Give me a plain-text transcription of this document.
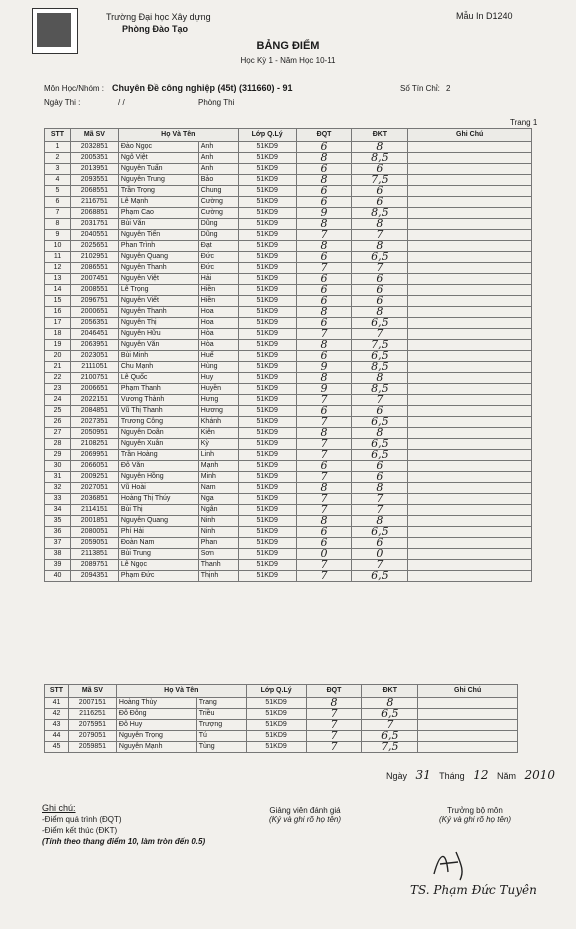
Trường Đại học Xây dựng
Phòng Đào Tạo
Mẫu In D1240
BẢNG ĐIỂM
Học Kỳ 1 - Năm Học 10-11
Môn Học/Nhóm : Chuyên Đề công nghiệp (45t) (311660) - 91	Số Tín Chỉ: 2
Ngày Thi :	/ /	Phòng Thi
Trang 1
STT	Mã SV	Họ Và Tên		Lớp Q.Lý	ĐQT	ĐKT	Ghi Chú
1	2032851	Đào Ngọc	Anh	51KD9	6	8	
2	2005351	Ngô Việt	Anh	51KD9	8	8,5	
3	2013951	Nguyễn Tuấn	Anh	51KD9	6	6	
4	2093551	Nguyễn Trung	Bảo	51KD9	8	7,5	
5	2068551	Trần Trọng	Chung	51KD9	6	6	
6	2116751	Lê Mạnh	Cường	51KD9	6	6	
7	2068851	Phạm Cao	Cường	51KD9	9	8,5	
8	2031751	Bùi Văn	Dũng	51KD9	8	8	
9	2040551	Nguyễn Tiến	Dũng	51KD9	7	7	
10	2025651	Phan Trình	Đạt	51KD9	8	8	
11	2102951	Nguyễn Quang	Đức	51KD9	6	6,5	
12	2086551	Nguyễn Thanh	Đức	51KD9	7	7	
13	2007451	Nguyễn Việt	Hải	51KD9	6	6	
14	2008551	Lê Trọng	Hiền	51KD9	6	6	
15	2096751	Nguyễn Viết	Hiền	51KD9	6	6	
16	2000651	Nguyễn Thanh	Hoa	51KD9	8	8	
17	2056351	Nguyễn Thị	Hoa	51KD9	6	6,5	
18	2046451	Nguyễn Hữu	Hòa	51KD9	7	7	
19	2063951	Nguyễn Văn	Hòa	51KD9	8	7,5	
20	2023051	Bùi Minh	Huế	51KD9	6	6,5	
21	2111051	Chu Mạnh	Hùng	51KD9	9	8,5	
22	2100751	Lê Quốc	Huy	51KD9	8	8	
23	2006651	Phạm Thanh	Huyền	51KD9	9	8,5	
24	2022151	Vương Thành	Hưng	51KD9	7	7	
25	2084851	Vũ Thị Thanh	Hương	51KD9	6	6	
26	2027351	Trương Công	Khánh	51KD9	7	6,5	
27	2050951	Nguyễn Doãn	Kiên	51KD9	8	8	
28	2108251	Nguyễn Xuân	Kỳ	51KD9	7	6,5	
29	2069951	Trần Hoàng	Linh	51KD9	7	6,5	
30	2066051	Đỗ Văn	Mạnh	51KD9	6	6	
31	2009251	Nguyễn Hồng	Minh	51KD9	7	6	
32	2027051	Vũ Hoài	Nam	51KD9	8	8	
33	2036851	Hoàng Thị Thúy	Nga	51KD9	7	7	
34	2114151	Bùi Thị	Ngân	51KD9	7	7	
35	2001851	Nguyễn Quang	Ninh	51KD9	8	8	
36	2080051	Phí Hải	Ninh	51KD9	6	6,5	
37	2059051	Đoàn Nam	Phan	51KD9	6	6	
38	2113851	Bùi Trung	Sơn	51KD9	0	0	
39	2089751	Lê Ngọc	Thanh	51KD9	7	7	
40	2094351	Phạm Đức	Thịnh	51KD9	7	6,5	
STT	Mã SV	Họ Và Tên		Lớp Q.Lý	ĐQT	ĐKT	Ghi Chú
41	2007151	Hoàng Thùy	Trang	51KD9	8	8	
42	2116251	Đỗ Đông	Triều	51KD9	7	6,5	
43	2075951	Đỗ Huy	Trượng	51KD9	7	7	
44	2079051	Nguyễn Trọng	Tú	51KD9	7	6,5	
45	2059851	Nguyễn Mạnh	Tùng	51KD9	7	7,5	
Ngày 31 Tháng 12 Năm 2010
Ghi chú:
-Điểm quá trình (ĐQT)
-Điểm kết thúc (ĐKT)
(Tính theo thang điểm 10, làm tròn đến 0.5)
Giảng viên đánh giá
(Ký và ghi rõ họ tên)
Trưởng bộ môn
(Ký và ghi rõ họ tên)
TS. Phạm Đức Tuyên
